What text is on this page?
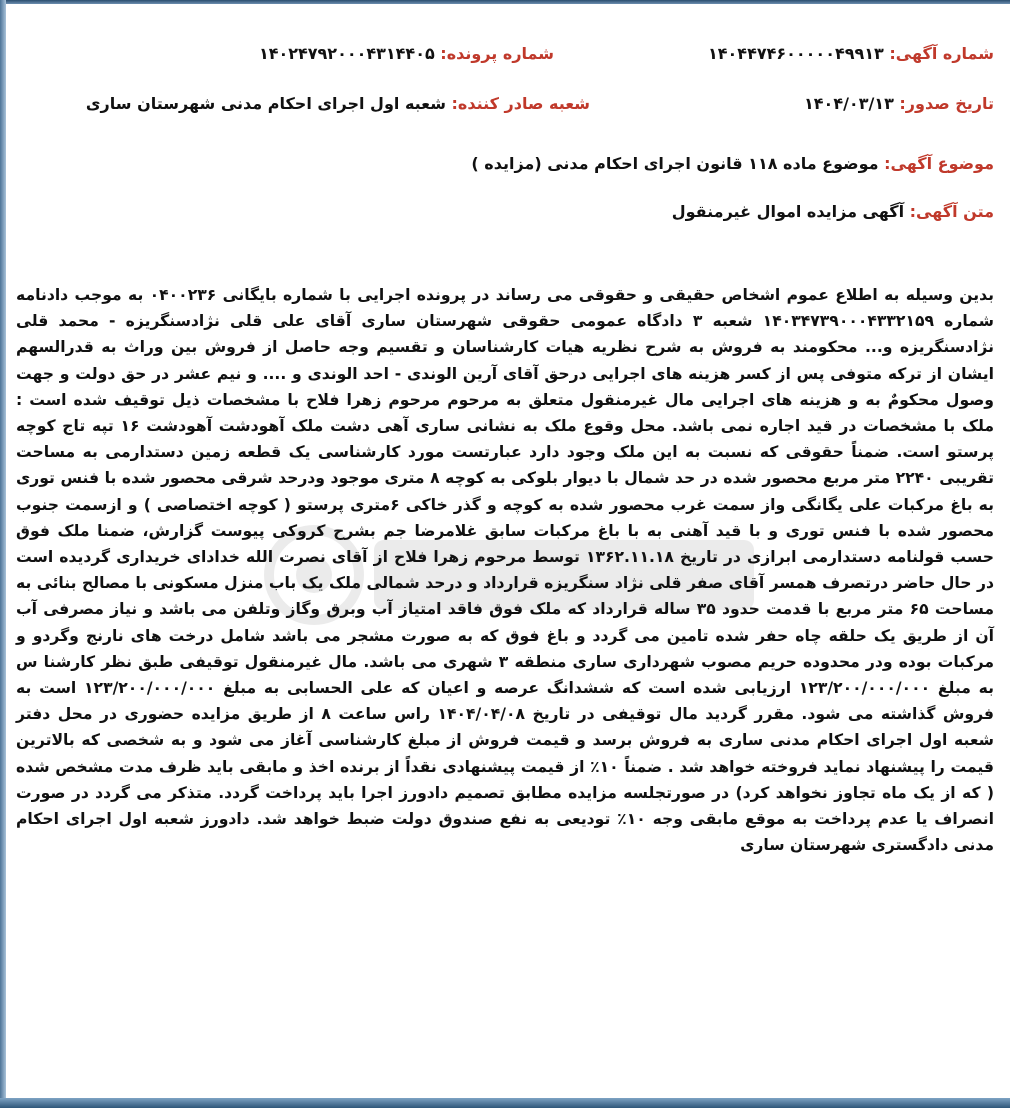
شماره آگهی: ۱۴۰۴۴۷۴۶۰۰۰۰۰۴۹۹۱۳
شماره پرونده: ۱۴۰۲۴۷۹۲۰۰۰۴۳۱۴۴۰۵
تاریخ صدور: ۱۴۰۴/۰۳/۱۳
شعبه صادر کننده: شعبه اول اجرای احکام مدنی شهرستان ساری
موضوع آگهی: موضوع ماده ۱۱۸ قانون اجرای احکام مدنی (مزایده )
متن آگهی: آگهی مزایده اموال غیرمنقول
بدین وسیله به اطلاع عموم اشخاص حقیقی و حقوقی می رساند در پرونده اجرایی با شماره بایگانی ۰۴۰۰۲۳۶ به موجب دادنامه شماره ۱۴۰۳۴۷۳۹۰۰۰۴۳۳۲۱۵۹ شعبه ۳ دادگاه عمومی حقوقی شهرستان ساری آقای علی قلی نژادسنگریزه - محمد قلی نژادسنگریزه و... محکومند به فروش به شرح نظریه هیات کارشناسان و تقسیم وجه حاصل از فروش بین وراث به قدرالسهم ایشان از ترکه متوفی پس از کسر هزینه های اجرایی درحق آقای آرین الوندی - احد الوندی و .... و نیم عشر در حق دولت و جهت وصول محکومٌ به و هزینه های اجرایی مال غیرمنقول متعلق به مرحوم مرحوم زهرا فلاح با مشخصات ذیل توقیف شده است : ملک با مشخصات در قید اجاره نمی باشد. محل وقوع ملک به نشانی ساری آهی دشت ملک آهودشت آهودشت ۱۶ تپه تاج کوچه پرستو است. ضمناً حقوقی که نسبت به این ملک وجود دارد عبارتست مورد کارشناسی یک قطعه زمین دستدارمی به مساحت تقریبی ۲۲۴۰ متر مربع محصور شده در حد شمال با دیوار بلوکی به کوچه ۸ متری موجود ودرحد شرقی محصور شده با فنس توری به باغ مرکبات علی یگانگی واز سمت غرب محصور شده به کوچه و گذر خاکی ۶متری پرستو ( کوچه اختصاصی ) و ازسمت جنوب محصور شده با فنس توری و با قید آهنی به با باغ مرکبات سابق غلامرضا جم بشرح کروکی پیوست گزارش، ضمنا ملک فوق حسب قولنامه دستدارمی ابرازی در تاریخ ۱۳۶۲.۱۱.۱۸ توسط مرحوم زهرا فلاح از آقای نصرت الله خدادای خریداری گردیده است در حال حاضر درتصرف همسر آقای صفر قلی نژاد سنگریزه قرارداد و درحد شمالی ملک یک باب منزل مسکونی با مصالح بنائی به مساحت ۶۵ متر مربع با قدمت حدود ۳۵ ساله قرارداد که ملک فوق فاقد امتیاز آب وبرق وگاز وتلفن می باشد و نیاز مصرفی آب آن از طریق یک حلقه چاه حفر شده تامین می گردد و باغ فوق که به صورت مشجر می باشد شامل درخت های نارنج وگردو و مرکبات بوده ودر محدوده حریم مصوب شهرداری ساری منطقه ۳ شهری می باشد. مال غیرمنقول توقیفی طبق نظر کارشنا س به مبلغ ۱۲۳/۲۰۰/۰۰۰/۰۰۰ ارزیابی شده است که ششدانگ عرصه و اعیان که علی الحسابی به مبلغ ۱۲۳/۲۰۰/۰۰۰/۰۰۰ است به فروش گذاشته می شود. مقرر گردید مال توقیفی در تاریخ ۱۴۰۴/۰۴/۰۸ راس ساعت ۸ از طریق مزایده حضوری در محل دفتر شعبه اول اجرای احکام مدنی ساری به فروش برسد و قیمت فروش از مبلغ کارشناسی آغاز می شود و به شخصی که بالاترین قیمت را پیشنهاد نماید فروخته خواهد شد . ضمناً ۱۰٪ از قیمت پیشنهادی نقداً از برنده اخذ و مابقی باید ظرف مدت مشخص شده ( که از یک ماه تجاوز نخواهد کرد) در صورتجلسه مزایده مطابق تصمیم دادورز اجرا باید پرداخت گردد. متذکر می گردد در صورت انصراف یا عدم پرداخت به موقع مابقی وجه ۱۰٪ تودیعی به نفع صندوق دولت ضبط خواهد شد. دادورز شعبه اول اجرای احکام مدنی دادگستری شهرستان ساری
